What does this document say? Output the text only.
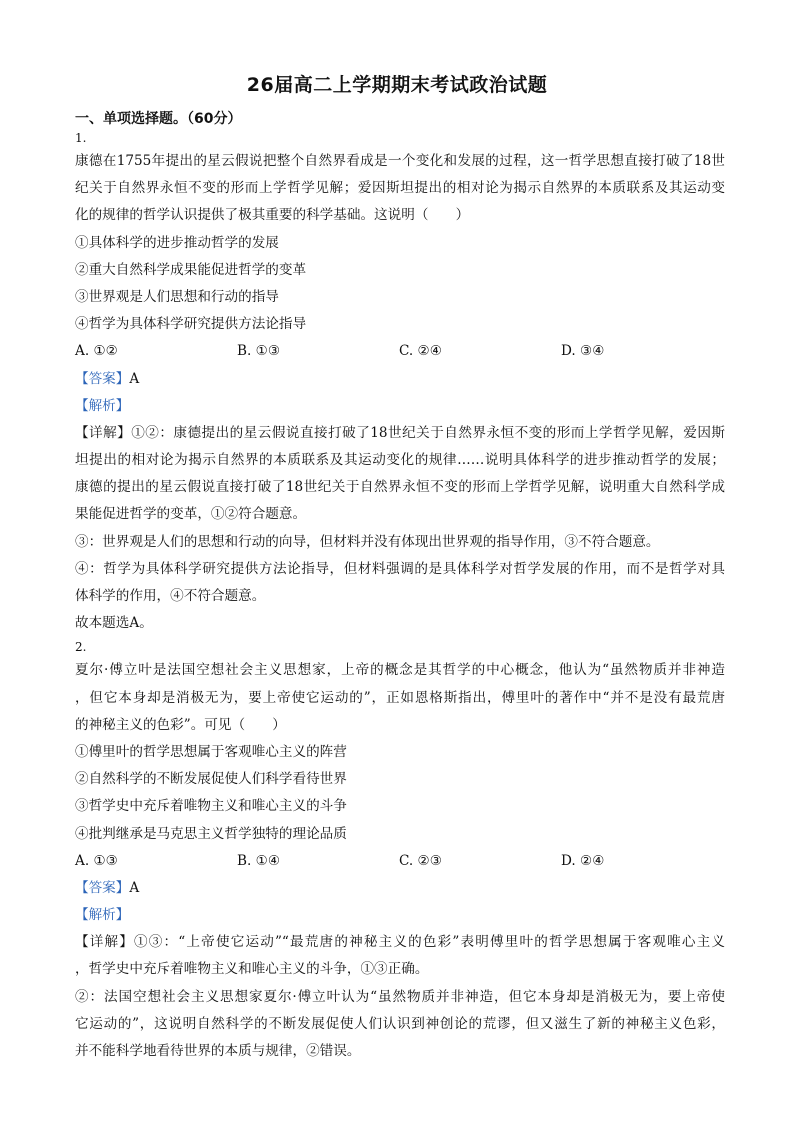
26届高二上学期期末考试政治试题
一、单项选择题。（60分）
1.
康德在1755年提出的星云假说把整个自然界看成是一个变化和发展的过程，这一哲学思想直接打破了18世
纪关于自然界永恒不变的形而上学哲学见解；爱因斯坦提出的相对论为揭示自然界的本质联系及其运动变
化的规律的哲学认识提供了极其重要的科学基础。这说明（　　）
①具体科学的进步推动哲学的发展
②重大自然科学成果能促进哲学的变革
③世界观是人们思想和行动的指导
④哲学为具体科学研究提供方法论指导
A. ①②	B. ①③	C. ②④	D. ③④
【答案】A
【解析】
【详解】①②：康德提出的星云假说直接打破了18世纪关于自然界永恒不变的形而上学哲学见解，爱因斯
坦提出的相对论为揭示自然界的本质联系及其运动变化的规律……说明具体科学的进步推动哲学的发展；
康德的提出的星云假说直接打破了18世纪关于自然界永恒不变的形而上学哲学见解，说明重大自然科学成
果能促进哲学的变革，①②符合题意。
③：世界观是人们的思想和行动的向导，但材料并没有体现出世界观的指导作用，③不符合题意。
④：哲学为具体科学研究提供方法论指导，但材料强调的是具体科学对哲学发展的作用，而不是哲学对具
体科学的作用，④不符合题意。
故本题选A。
2.
夏尔·傅立叶是法国空想社会主义思想家，上帝的概念是其哲学的中心概念，他认为“虽然物质并非神造
，但它本身却是消极无为，要上帝使它运动的”，正如恩格斯指出，傅里叶的著作中“并不是没有最荒唐
的神秘主义的色彩”。可见（　　）
①傅里叶的哲学思想属于客观唯心主义的阵营
②自然科学的不断发展促使人们科学看待世界
③哲学史中充斥着唯物主义和唯心主义的斗争
④批判继承是马克思主义哲学独特的理论品质
A. ①③	B. ①④	C. ②③	D. ②④
【答案】A
【解析】
【详解】①③：“上帝使它运动”“最荒唐的神秘主义的色彩”表明傅里叶的哲学思想属于客观唯心主义
，哲学史中充斥着唯物主义和唯心主义的斗争，①③正确。
②：法国空想社会主义思想家夏尔·傅立叶认为“虽然物质并非神造，但它本身却是消极无为，要上帝使
它运动的”，这说明自然科学的不断发展促使人们认识到神创论的荒谬，但又滋生了新的神秘主义色彩，
并不能科学地看待世界的本质与规律，②错误。
